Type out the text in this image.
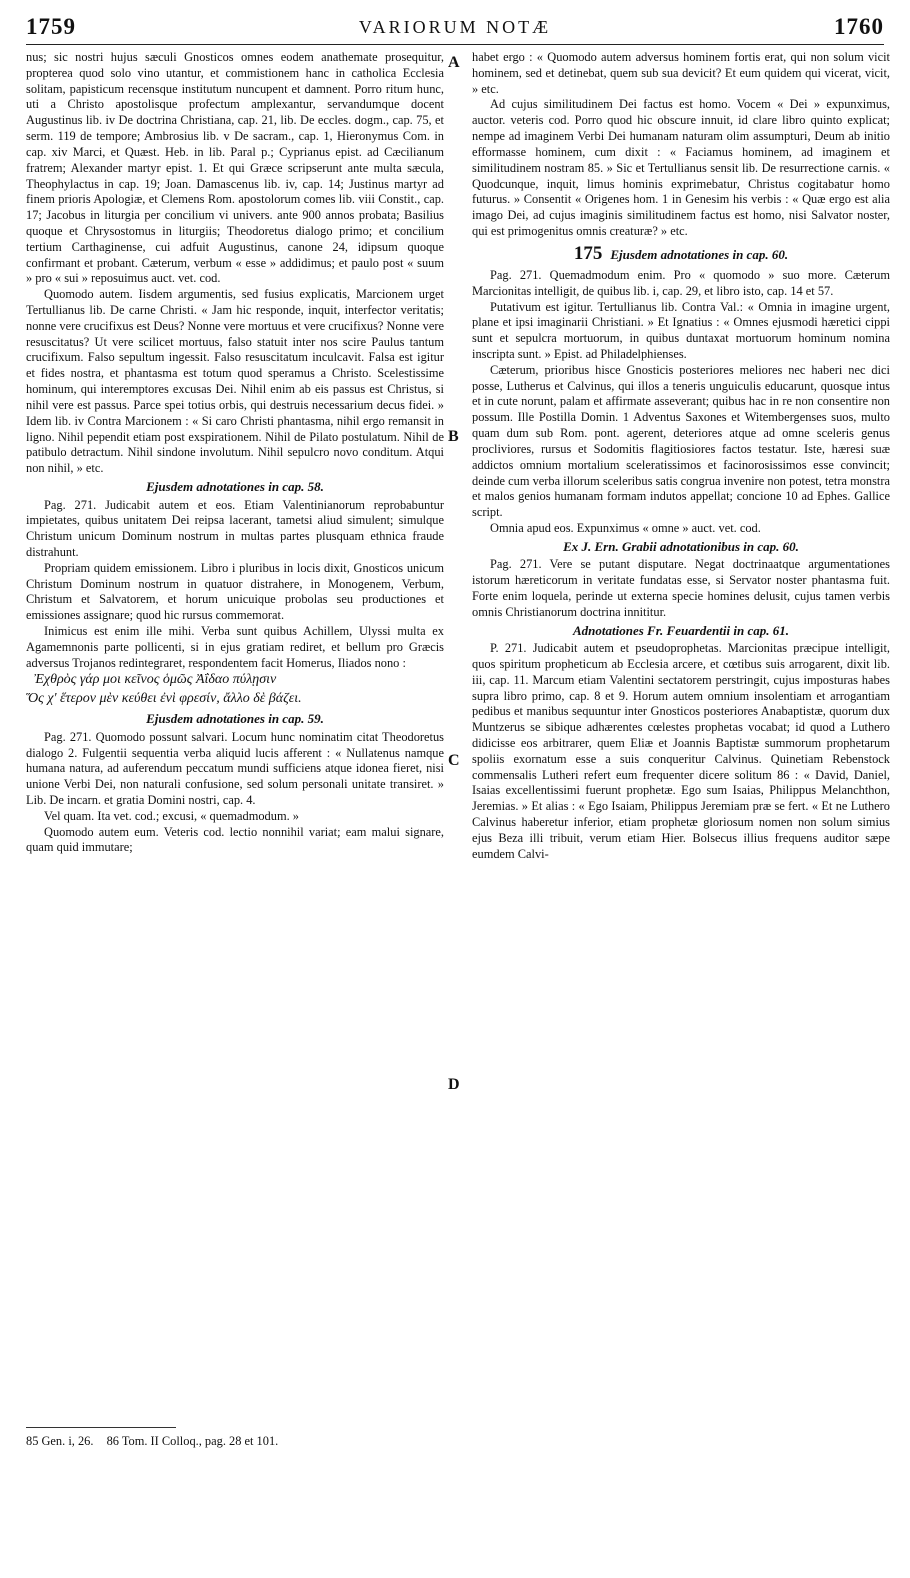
1759	VARIORUM NOTÆ	1760
A
B
C
D

nus; sic nostri hujus sæculi Gnosticos omnes eodem anathemate prosequitur, propterea quod solo vino utantur, et commistionem hanc in catholica Ecclesia solitam, papisticum recensque institutum nuncupent et damnent. Porro ritum hunc, uti a Christo apostolisque profectum amplexantur, servandumque docent Augustinus lib. iv De doctrina Christiana, cap. 21, lib. De eccles. dogm., cap. 75, et serm. 119 de tempore; Ambrosius lib. v De sacram., cap. 1, Hieronymus Com. in cap. xiv Marci, et Quæst. Heb. in lib. Paral p.; Cyprianus epist. ad Cæcilianum fratrem; Alexander martyr epist. 1. Et qui Græce scripserunt ante multa sæcula, Theophylactus in cap. 19; Joan. Damascenus lib. iv, cap. 14; Justinus martyr ad finem prioris Apologiæ, et Clemens Rom. apostolorum comes lib. viii Constit., cap. 17; Jacobus in liturgia per concilium vi univers. ante 900 annos probata; Basilius quoque et Chrysostomus in liturgiis; Theodoretus dialogo primo; et concilium tertium Carthaginense, cui adfuit Augustinus, canone 24, idipsum quoque confirmant et probant. Cæterum, verbum « esse » addidimus; et paulo post « suum » pro « sui » reposuimus auct. vet. cod.

Quomodo autem. Iisdem argumentis, sed fusius explicatis, Marcionem urget Tertullianus lib. De carne Christi. « Jam hic responde, inquit, interfector veritatis; nonne vere crucifixus est Deus? Nonne vere mortuus et vere crucifixus? Nonne vere resuscitatus? Ut vere scilicet mortuus, falso statuit inter nos scire Paulus tantum crucifixum. Falso sepultum ingessit. Falso resuscitatum inculcavit. Falsa est igitur et fides nostra, et phantasma est totum quod speramus a Christo. Scelestissime hominum, qui interemptores excusas Dei. Nihil enim ab eis passus est Christus, si nihil vere est passus. Parce spei totius orbis, qui destruis necessarium decus fidei. » Idem lib. iv Contra Marcionem : « Si caro Christi phantasma, nihil ergo remansit in ligno. Nihil pependit etiam post exspirationem. Nihil de Pilato postulatum. Nihil de patibulo detractum. Nihil sindone involutum. Nihil sepulcro novo conditum. Atqui non nihil, » etc.

Ejusdem adnotationes in cap. 58.

Pag. 271. Judicabit autem et eos. Etiam Valentinianorum reprobabuntur impietates, quibus unitatem Dei reipsa lacerant, tametsi aliud simulent; simulque Christum unicum Dominum nostrum in multas partes plusquam ethnica fraude distrahunt.

Propriam quidem emissionem. Libro i pluribus in locis dixit, Gnosticos unicum Christum Dominum nostrum in quatuor distrahere, in Monogenem, Verbum, Christum et Salvatorem, et horum unicuique probolas seu productiones et emissiones assignare; quod hic rursus commemorat.

Inimicus est enim ille mihi. Verba sunt quibus Achillem, Ulyssi multa ex Agamemnonis parte pollicenti, si in ejus gratiam rediret, et bellum pro Græcis adversus Trojanos redintegraret, respondentem facit Homerus, Iliados nono :

Ἐχθρὸς γάρ μοι κεῖνος ὁμῶς Ἀΐδαο πύλῃσιν

Ὅς χ' ἕτερον μὲν κεύθει ἐνὶ φρεσίν, ἄλλο δὲ βάζει.

Ejusdem adnotationes in cap. 59.

Pag. 271. Quomodo possunt salvari. Locum hunc nominatim citat Theodoretus dialogo 2. Fulgentii sequentia verba aliquid lucis afferent : « Nullatenus namque humana natura, ad auferendum peccatum mundi sufficiens atque idonea fieret, nisi unione Verbi Dei, non naturali confusione, sed solum personali unitate transiret. » Lib. De incarn. et gratia Domini nostri, cap. 4.

Vel quam. Ita vet. cod.; excusi, « quemadmodum. »

Quomodo autem eum. Veteris cod. lectio nonnihil variat; eam malui signare, quam quid immutare;

habet ergo : « Quomodo autem adversus hominem fortis erat, qui non solum vicit hominem, sed et detinebat, quem sub sua devicit? Et eum quidem qui vicerat, vicit, » etc.

Ad cujus similitudinem Dei factus est homo. Vocem « Dei » expunximus, auctor. veteris cod. Porro quod hic obscure innuit, id clare libro quinto explicat; nempe ad imaginem Verbi Dei humanam naturam olim assumpturi, Deum ab initio efformasse hominem, cum dixit : « Faciamus hominem, ad imaginem et similitudinem nostram 85. » Sic et Tertullianus sensit lib. De resurrectione carnis. « Quodcunque, inquit, limus hominis exprimebatur, Christus cogitabatur homo futurus. » Consentit « Origenes hom. 1 in Genesim his verbis : « Quæ ergo est alia imago Dei, ad cujus imaginis similitudinem factus est homo, nisi Salvator noster, qui est primogenitus omnis creaturæ? » etc.

175 Ejusdem adnotationes in cap. 60.

Pag. 271. Quemadmodum enim. Pro « quomodo » suo more. Cæterum Marcionitas intelligit, de quibus lib. i, cap. 29, et libro isto, cap. 14 et 57.

Putativum est igitur. Tertullianus lib. Contra Val.: « Omnia in imagine urgent, plane et ipsi imaginarii Christiani. » Et Ignatius : « Omnes ejusmodi hæretici cippi sunt et sepulcra mortuorum, in quibus duntaxat mortuorum hominum nomina inscripta sunt. » Epist. ad Philadelphienses.

Cæterum, prioribus hisce Gnosticis posteriores meliores nec haberi nec dici posse, Lutherus et Calvinus, qui illos a teneris unguiculis educarunt, quosque intus et in cute norunt, palam et affirmate asseverant; quibus hac in re non consentire non possum. Ille Postilla Domin. 1 Adventus Saxones et Witembergenses suos, multo quam dum sub Rom. pont. agerent, deteriores atque ad omne sceleris genus procliviores, rursus et Sodomitis flagitiosiores factos testatur. Iste, hæresi suæ addictos omnium mortalium sceleratissimos et facinorosissimos esse convincit; deinde cum verba illorum sceleribus satis congrua invenire non potest, tetra monstra et malos genios humanam formam indutos appellat; concione 10 ad Ephes. Gallice script.

Omnia apud eos. Expunximus « omne » auct. vet. cod.

Ex J. Ern. Grabii adnotationibus in cap. 60.

Pag. 271. Vere se putant disputare. Negat doctrinaatque argumentationes istorum hæreticorum in veritate fundatas esse, si Servator noster phantasma fuit. Forte enim loquela, perinde ut externa specie homines delusit, cujus tamen verbis omnis Christianorum doctrina innititur.

Adnotationes Fr. Feuardentii in cap. 61.

P. 271. Judicabit autem et pseudoprophetas. Marcionitas præcipue intelligit, quos spiritum propheticum ab Ecclesia arcere, et cœtibus suis arrogarent, dixit lib. iii, cap. 11. Marcum etiam Valentini sectatorem perstringit, cujus imposturas habes supra libro primo, cap. 8 et 9. Horum autem omnium insolentiam et arrogantiam pedibus et manibus sequuntur inter Gnosticos posteriores Anabaptistæ, quorum dux Muntzerus se sibique adhærentes cœlestes prophetas vocabat; id quod a Luthero didicisse eos arbitrarer, quem Eliæ et Joannis Baptistæ summorum prophetarum spoliis exornatum esse a suis conqueritur Calvinus. Quinetiam Rebenstock commensalis Lutheri refert eum frequenter dicere solitum 86 : « David, Daniel, Isaias excellentissimi fuerunt prophetæ. Ego sum Isaias, Philippus Melanchthon, Jeremias. » Et alias : « Ego Isaiam, Philippus Jeremiam præ se fert. « Et ne Luthero Calvinus haberetur inferior, etiam prophetæ gloriosum nomen non solum simius ejus Beza illi tribuit, verum etiam Hier. Bolsecus illius frequens auditor sæpe eumdem Calvi-

85 Gen. i, 26. 86 Tom. II Colloq., pag. 28 et 101.
